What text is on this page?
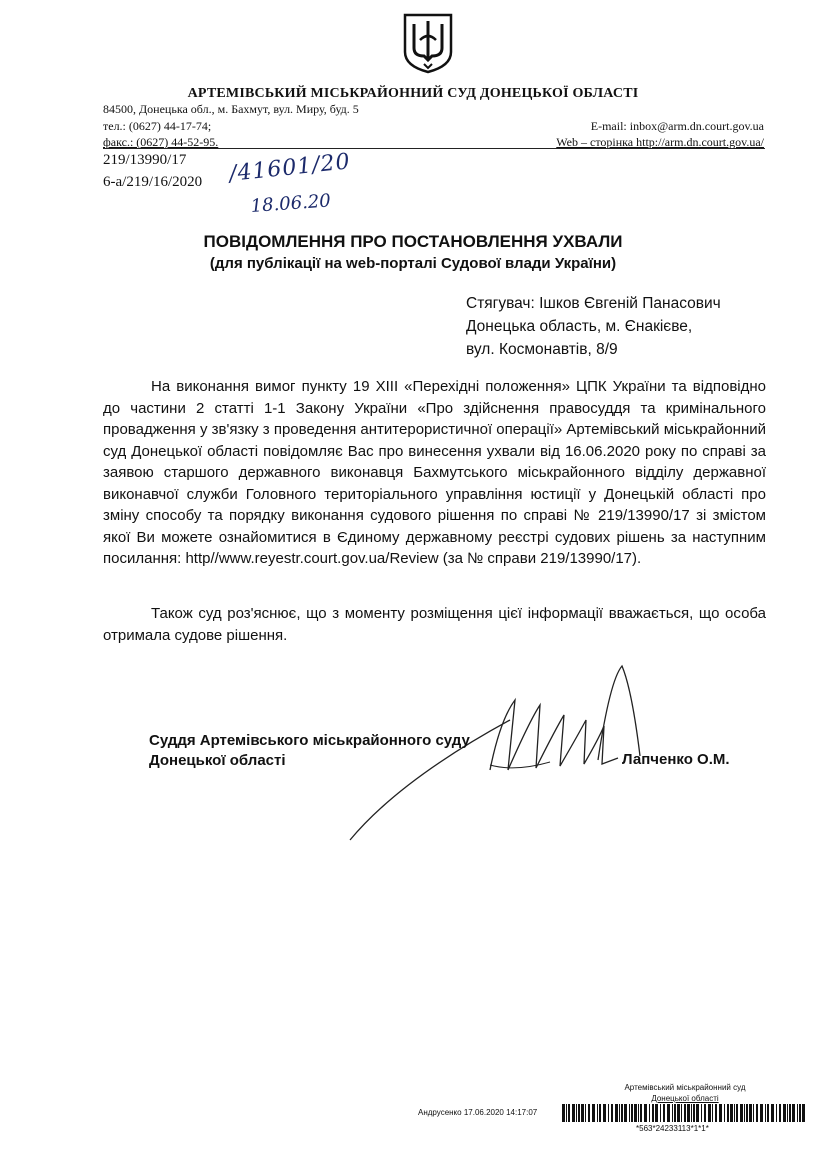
АРТЕМІВСЬКИЙ МІСЬКРАЙОННИЙ СУД ДОНЕЦЬКОЇ ОБЛАСТІ
84500, Донецька обл., м. Бахмут, вул. Миру, буд. 5
тел.: (0627) 44-17-74;
факс.: (0627) 44-52-95.
E-mail: inbox@arm.dn.court.gov.ua
Web – сторінка http://arm.dn.court.gov.ua/
219/13990/17
6-а/219/16/2020 /41601/20
18.06.20
ПОВІДОМЛЕННЯ ПРО ПОСТАНОВЛЕННЯ УХВАЛИ
(для публікації на web-порталі Судової влади України)
Стягувач: Ішков Євгеній Панасович
Донецька область, м. Єнакієве,
вул. Космонавтів, 8/9
На виконання вимог пункту 19 ХІІІ «Перехідні положення» ЦПК України та відповідно до частини 2 статті 1-1 Закону України «Про здійснення правосуддя та кримінального провадження у зв'язку з проведення антитерористичної операції» Артемівський міськрайонний суд Донецької області повідомляє Вас про винесення ухвали від 16.06.2020 року по справі за заявою старшого державного виконавця Бахмутського міськрайонного відділу державної виконавчої служби Головного територіального управління юстиції у Донецькій області про зміну способу та порядку виконання судового рішення по справі № 219/13990/17 зі змістом якої Ви можете ознайомитися в Єдиному державному реєстрі судових рішень за наступним посилання: http//www.reyestr.court.gov.ua/Review (за № справи 219/13990/17).
Також суд роз'яснює, що з моменту розміщення цієї інформації вважається, що особа отримала судове рішення.
Суддя Артемівського міськрайонного суду
Донецької області	Лапченко О.М.
Артемівський міськрайонний суд
Донецької області
Андрусенко 17.06.2020 14:17:07
*563*24233113*1*1*
